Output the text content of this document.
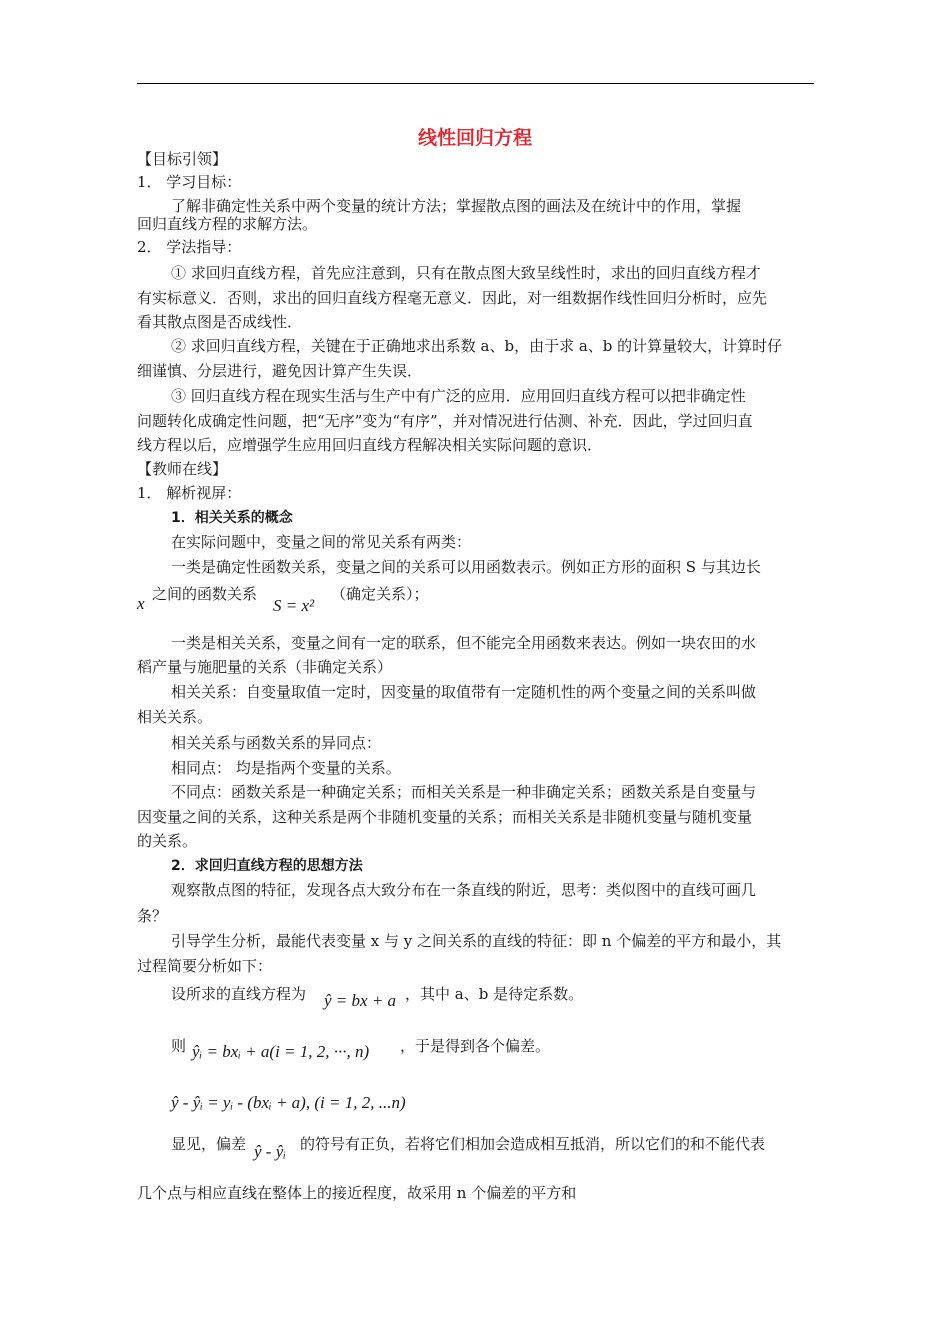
线性回归方程
【目标引领】
1． 学习目标：
了解非确定性关系中两个变量的统计方法；掌握散点图的画法及在统计中的作用，掌握
回归直线方程的求解方法。
2． 学法指导：
① 求回归直线方程，首先应注意到，只有在散点图大致呈线性时，求出的回归直线方程才
有实标意义．否则，求出的回归直线方程毫无意义．因此，对一组数据作线性回归分析时，应先
看其散点图是否成线性．
② 求回归直线方程，关键在于正确地求出系数 a、b，由于求 a、b 的计算量较大，计算时仔
细谨慎、分层进行，避免因计算产生失误．
③ 回归直线方程在现实生活与生产中有广泛的应用．应用回归直线方程可以把非确定性
问题转化成确定性问题，把“无序”变为“有序”，并对情况进行估测、补充．因此，学过回归直
线方程以后，应增强学生应用回归直线方程解决相关实际问题的意识．
【教师在线】
1． 解析视屏：
1．相关关系的概念
在实际问题中，变量之间的常见关系有两类：
一类是确定性函数关系，变量之间的关系可以用函数表示。例如正方形的面积 S 与其边长
x 之间的函数关系
S = x²
（确定关系）；
一类是相关关系，变量之间有一定的联系，但不能完全用函数来表达。例如一块农田的水
稻产量与施肥量的关系（非确定关系）
相关关系：自变量取值一定时，因变量的取值带有一定随机性的两个变量之间的关系叫做
相关关系。
相关关系与函数关系的异同点：
相同点： 均是指两个变量的关系。
不同点：函数关系是一种确定关系；而相关关系是一种非确定关系；函数关系是自变量与
因变量之间的关系，这种关系是两个非随机变量的关系；而相关关系是非随机变量与随机变量
的关系。
2．求回归直线方程的思想方法
观察散点图的特征，发现各点大致分布在一条直线的附近，思考：类似图中的直线可画几
条？
引导学生分析，最能代表变量 x 与 y 之间关系的直线的特征：即 n 个偏差的平方和最小，其
过程简要分析如下：
设所求的直线方程为 ŷ = bx + a ，其中 a、b 是待定系数。
则 ŷᵢ = bxᵢ + a(i = 1, 2, ···, n) ，于是得到各个偏差。
ŷ - ŷᵢ = yᵢ - (bxᵢ + a), (i = 1, 2, ...n)
显见，偏差 ŷ - ŷᵢ 的符号有正负，若将它们相加会造成相互抵消，所以它们的和不能代表
几个点与相应直线在整体上的接近程度，故采用 n 个偏差的平方和
